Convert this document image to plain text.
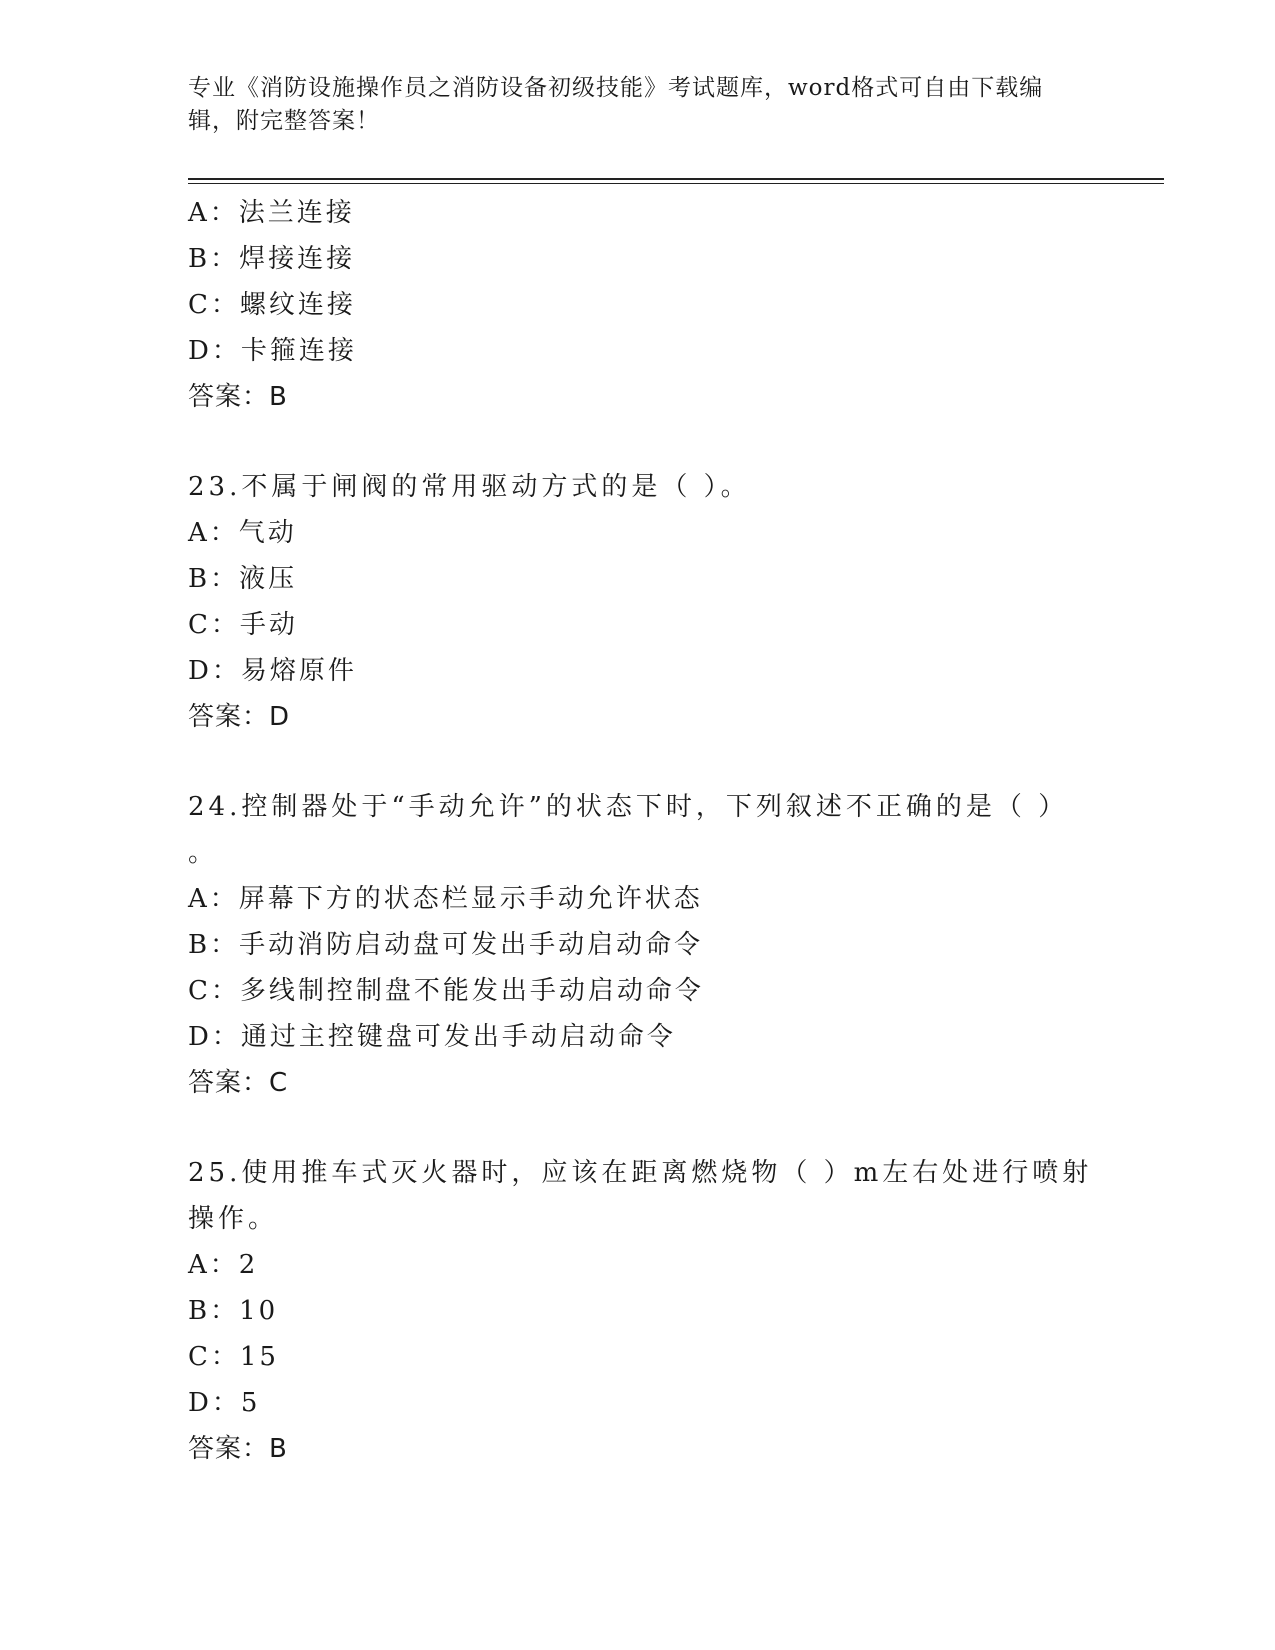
专业《消防设施操作员之消防设备初级技能》考试题库，word格式可自由下载编
辑，附完整答案！
A：法兰连接
B：焊接连接
C：螺纹连接
D：卡箍连接
答案：B
23.不属于闸阀的常用驱动方式的是（ ）。
A：气动
B：液压
C：手动
D：易熔原件
答案：D
24.控制器处于“手动允许”的状态下时，下列叙述不正确的是（ ）
。
A：屏幕下方的状态栏显示手动允许状态
B：手动消防启动盘可发出手动启动命令
C：多线制控制盘不能发出手动启动命令
D：通过主控键盘可发出手动启动命令
答案：C
25.使用推车式灭火器时，应该在距离燃烧物（ ）m左右处进行喷射
操作。
A：2
B：10
C：15
D：5
答案：B
